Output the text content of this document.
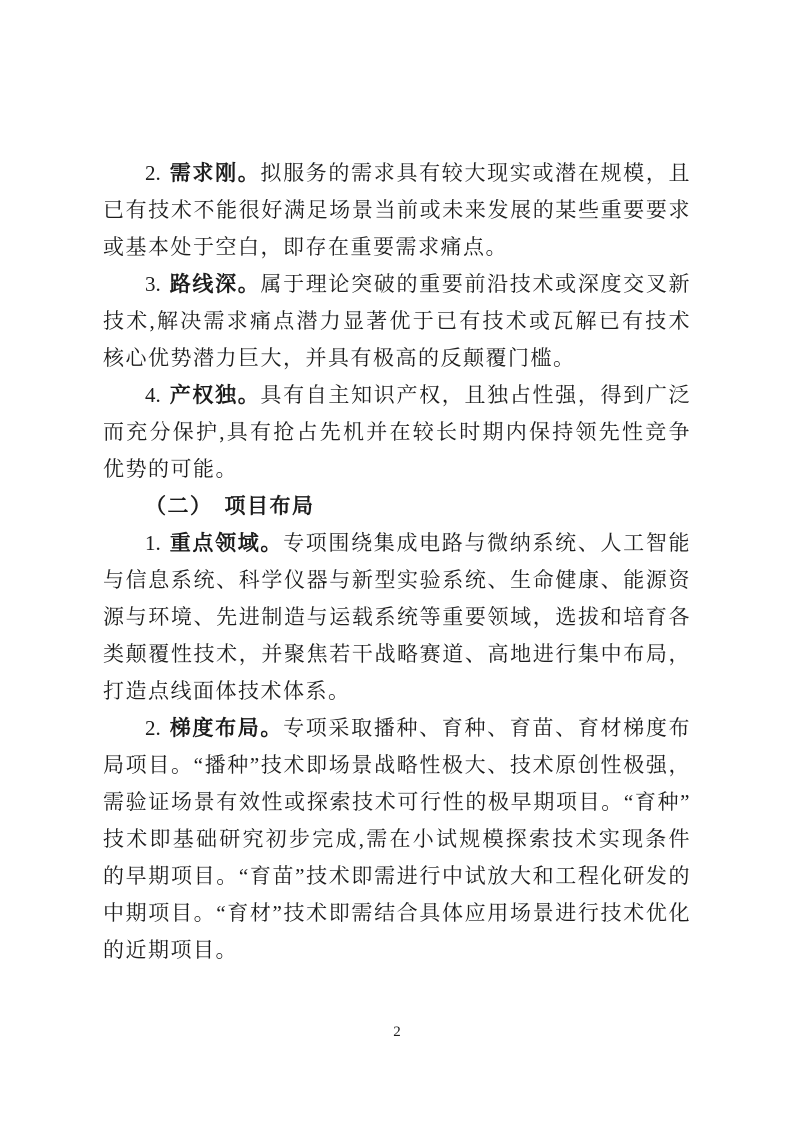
2. 需求刚。拟服务的需求具有较大现实或潜在规模，且已有技术不能很好满足场景当前或未来发展的某些重要要求或基本处于空白，即存在重要需求痛点。

3. 路线深。属于理论突破的重要前沿技术或深度交叉新技术,解决需求痛点潜力显著优于已有技术或瓦解已有技术核心优势潜力巨大，并具有极高的反颠覆门槛。

4. 产权独。具有自主知识产权，且独占性强，得到广泛而充分保护,具有抢占先机并在较长时期内保持领先性竞争优势的可能。

（二）　项目布局

1. 重点领域。专项围绕集成电路与微纳系统、人工智能与信息系统、科学仪器与新型实验系统、生命健康、能源资源与环境、先进制造与运载系统等重要领域，选拔和培育各类颠覆性技术，并聚焦若干战略赛道、高地进行集中布局，打造点线面体技术体系。

2. 梯度布局。专项采取播种、育种、育苗、育材梯度布局项目。“播种”技术即场景战略性极大、技术原创性极强，需验证场景有效性或探索技术可行性的极早期项目。“育种”技术即基础研究初步完成,需在小试规模探索技术实现条件的早期项目。“育苗”技术即需进行中试放大和工程化研发的中期项目。“育材”技术即需结合具体应用场景进行技术优化的近期项目。

2
